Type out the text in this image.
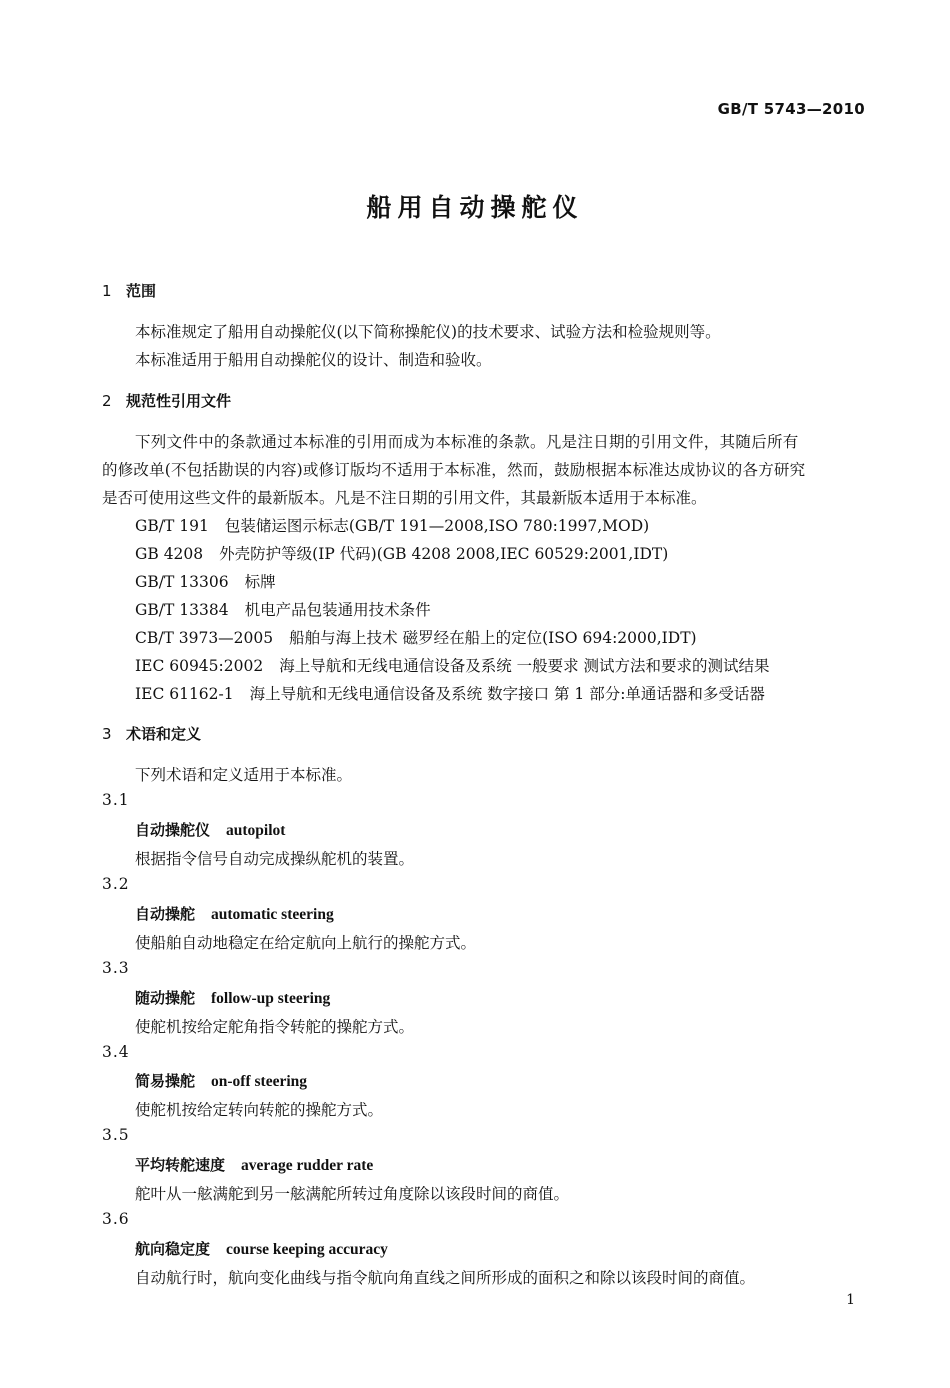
GB/T 5743—2010
船用自动操舵仪
1 范围
本标准规定了船用自动操舵仪(以下简称操舵仪)的技术要求、试验方法和检验规则等。
本标准适用于船用自动操舵仪的设计、制造和验收。
2 规范性引用文件
下列文件中的条款通过本标准的引用而成为本标准的条款。凡是注日期的引用文件，其随后所有
的修改单(不包括勘误的内容)或修订版均不适用于本标准，然而，鼓励根据本标准达成协议的各方研究
是否可使用这些文件的最新版本。凡是不注日期的引用文件，其最新版本适用于本标准。
GB/T 191 包装储运图示标志(GB/T 191—2008,ISO 780:1997,MOD)
GB 4208 外壳防护等级(IP 代码)(GB 4208 2008,IEC 60529:2001,IDT)
GB/T 13306 标牌
GB/T 13384 机电产品包装通用技术条件
CB/T 3973—2005 船舶与海上技术 磁罗经在船上的定位(ISO 694:2000,IDT)
IEC 60945:2002 海上导航和无线电通信设备及系统 一般要求 测试方法和要求的测试结果
IEC 61162-1 海上导航和无线电通信设备及系统 数字接口 第 1 部分:单通话器和多受话器
3 术语和定义
下列术语和定义适用于本标准。
3.1
自动操舵仪 autopilot
根据指令信号自动完成操纵舵机的装置。
3.2
自动操舵 automatic steering
使船舶自动地稳定在给定航向上航行的操舵方式。
3.3
随动操舵 follow-up steering
使舵机按给定舵角指令转舵的操舵方式。
3.4
简易操舵 on-off steering
使舵机按给定转向转舵的操舵方式。
3.5
平均转舵速度 average rudder rate
舵叶从一舷满舵到另一舷满舵所转过角度除以该段时间的商值。
3.6
航向稳定度 course keeping accuracy
自动航行时，航向变化曲线与指令航向角直线之间所形成的面积之和除以该段时间的商值。
1
